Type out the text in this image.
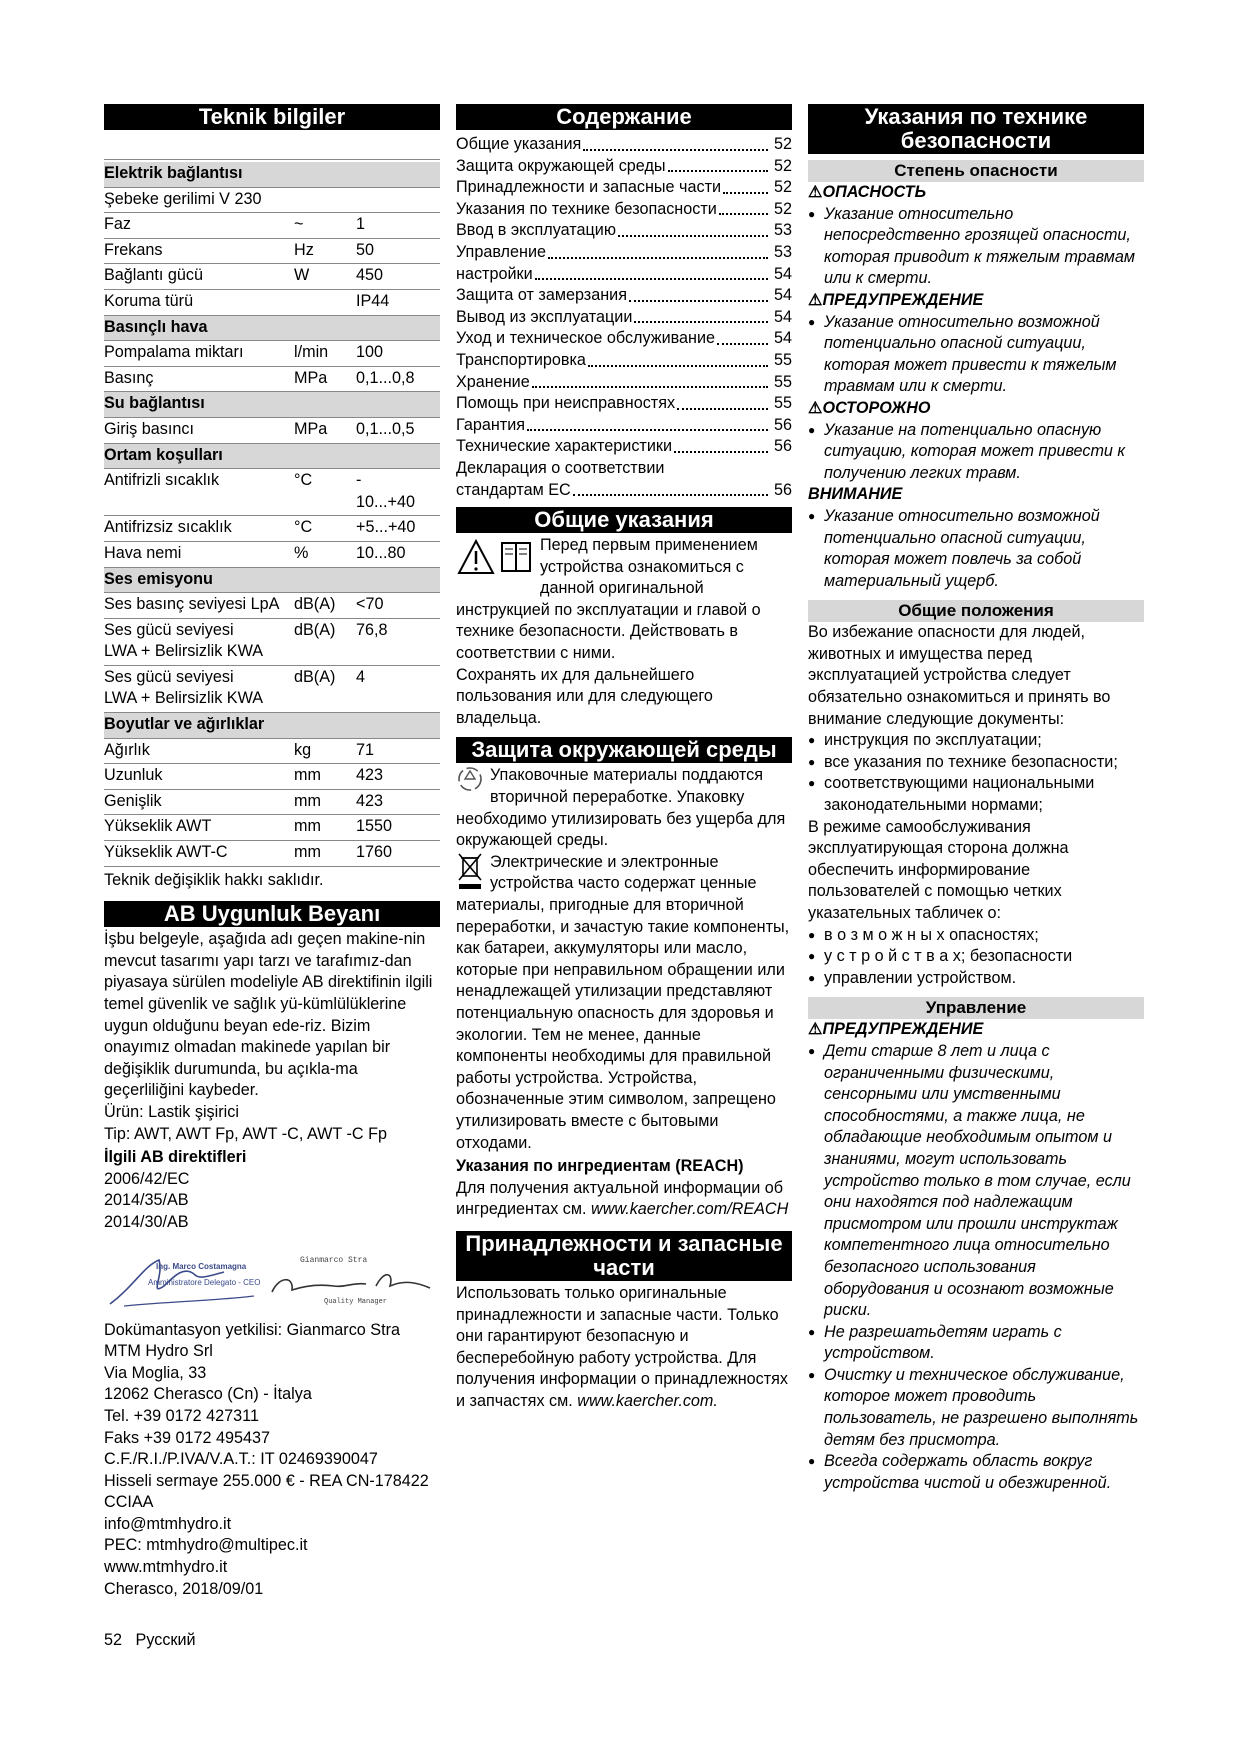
Teknik bilgiler
Elektrik bağlantısı		
Şebeke gerilimi V 230		
Faz	~	1
Frekans	Hz	50
Bağlantı gücü	W	450
Koruma türü		IP44
Basınçlı hava		
Pompalama miktarı	l/min	100
Basınç	MPa	0,1...0,8
Su bağlantısı		
Giriş basıncı	MPa	0,1...0,5
Ortam koşulları		
Antifrizli sıcaklık	°C	-
10...+40
Antifrizsiz sıcaklık	°C	+5...+40
Hava nemi	%	10...80
Ses emisyonu		
Ses basınç seviyesi LpA	dB(A)	<70
Ses gücü seviyesi
LWA + Belirsizlik KWA	dB(A)	76,8
Ses gücü seviyesi
LWA + Belirsizlik KWA	dB(A)	4
Boyutlar ve ağırlıklar		
Ağırlık	kg	71
Uzunluk	mm	423
Genişlik	mm	423
Yükseklik AWT	mm	1550
Yükseklik AWT-C	mm	1760
Teknik değişiklik hakkı saklıdır.
AB Uygunluk Beyanı
İşbu belgeyle, aşağıda adı geçen makine-nin mevcut tasarımı yapı tarzı ve tarafımız-dan piyasaya sürülen modeliyle AB direktifinin ilgili temel güvenlik ve sağlık yü-kümlülüklerine uygun olduğunu beyan ede-riz. Bizim onayımız olmadan makinede yapılan bir değişiklik durumunda, bu açıkla-ma geçerliliğini kaybeder.
Ürün: Lastik şişirici
Tip: AWT, AWT Fp, AWT -C, AWT -C Fp
İlgili AB direktifleri
2006/42/EC
2014/35/AB
2014/30/AB
Ing. Marco Costamagna
Amministratore Delegato - CEO
Gianmarco Stra
Quality Manager
Dokümantasyon yetkilisi: Gianmarco Stra
MTM Hydro Srl
Via Moglia, 33
12062 Cherasco (Cn) - İtalya
Tel. +39 0172 427311
Faks +39 0172 495437
C.F./R.I./P.IVA/V.A.T.: IT 02469390047
Hisseli sermaye 255.000 € - REA CN-178422 CCIAA
info@mtmhydro.it
PEC: mtmhydro@multipec.it
www.mtmhydro.it
Cherasco, 2018/09/01
Содержание
Общие указания	52
Защита окружающей среды	52
Принадлежности и запасные части	52
Указания по технике безопасности	52
Ввод в эксплуатацию	53
Управление	53
настройки	54
Защита от замерзания	54
Вывод из эксплуатации	54
Уход и техническое обслуживание	54
Транспортировка	55
Хранение	55
Помощь при неисправностях	55
Гарантия	56
Технические характеристики	56
Декларация о соответствии
стандартам ЕС	56
Общие указания
Перед первым применением устройства ознакомиться с данной оригинальной
инструкцией по эксплуатации и главой о технике безопасности. Действовать в соответствии с ними.
Сохранять их для дальнейшего пользования или для следующего владельца.
Защита окружающей среды
Упаковочные материалы поддаются вторичной переработке. Упаковку необходимо утилизировать без ущерба для окружающей среды.
Электрические и электронные устройства часто содержат ценные материалы, пригодные для вторичной переработки, и зачастую такие компоненты, как батареи, аккумуляторы или масло, которые при неправильном обращении или ненадлежащей утилизации представляют потенциальную опасность для здоровья и экологии. Тем не менее, данные компоненты необходимы для правильной работы устройства. Устройства, обозначенные этим символом, запрещено утилизировать вместе с бытовыми отходами.
Указания по ингредиентам (REACH)
Для получения актуальной информации об ингредиентах см. www.kaercher.com/REACH
Принадлежности и запасные части
Использовать только оригинальные принадлежности и запасные части. Только они гарантируют безопасную и бесперебойную работу устройства. Для получения информации о принадлежностях и запчастях см. www.kaercher.com.
Указания по технике безопасности
Степень опасности
⚠ОПАСНОСТЬ
● Указание относительно непосредственно грозящей опасности, которая приводит к тяжелым травмам или к смерти.
⚠ПРЕДУПРЕЖДЕНИЕ
● Указание относительно возможной потенциально опасной ситуации, которая может привести к тяжелым травмам или к смерти.
⚠ОСТОРОЖНО
● Указание на потенциально опасную ситуацию, которая может привести к получению легких травм.
ВНИМАНИЕ
● Указание относительно возможной потенциально опасной ситуации, которая может повлечь за собой материальный ущерб.
Общие положения
Во избежание опасности для людей, животных и имущества перед эксплуатацией устройства следует обязательно ознакомиться и принять во внимание следующие документы:
● инструкция по эксплуатации;
● все указания по технике безопасности;
● соответствующими национальными законодательными нормами;
В режиме самообслуживания эксплуатирующая сторона должна обеспечить информирование пользователей с помощью четких указательных табличек о:
● в о з м о ж н ы х опасностях;
● у с т р о й с т в а х; безопасности
● управлении устройством.
Управление
⚠ПРЕДУПРЕЖДЕНИЕ
● Дети старше 8 лет и лица с ограниченными физическими, сенсорными или умственными способностями, а также лица, не обладающие необходимым опытом и знаниями, могут использовать устройство только в том случае, если они находятся под надлежащим присмотром или прошли инструктаж компетентного лица относительно безопасного использования оборудования и осознают возможные риски.
● Не разрешатьдетям играть с устройством.
● Очистку и техническое обслуживание, которое может проводить пользователь, не разрешено выполнять детям без присмотра.
● Всегда содержать область вокруг устройства чистой и обезжиренной.
52 Русский
